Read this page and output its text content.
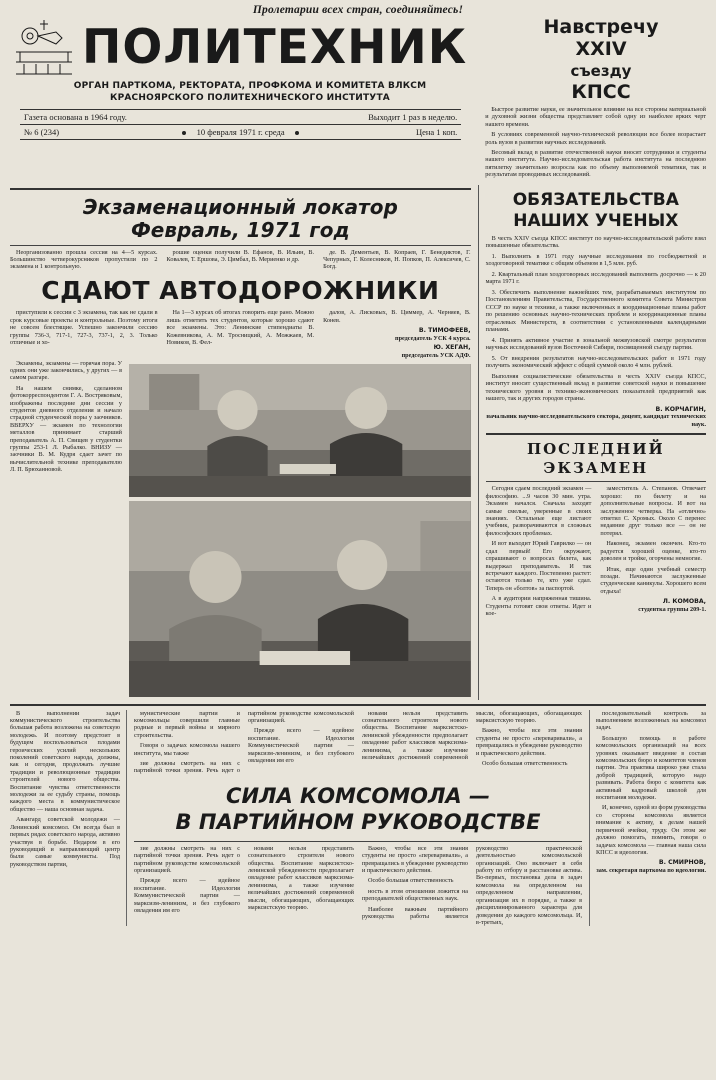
Пролетарии всех стран, соединяйтесь!
ПОЛИТЕХНИК
ОРГАН ПАРТКОМА, РЕКТОРАТА, ПРОФКОМА И КОМИТЕТА ВЛКСМ
КРАСНОЯРСКОГО ПОЛИТЕХНИЧЕСКОГО ИНСТИТУТА
Навстречу
XXIV
съезду
КПСС
Газета основана в 1964 году.	Выходит 1 раз в неделю.
№ 6 (234)	10 февраля 1971 г. среда	Цена 1 коп.

Быстрое развитие науки, ее значительное влияние на все стороны материальной и духовной жизни общества представляет собой одну из наиболее ярких черт нашего времени.

В условиях современной научно-технической революции все более возрастает роль вузов в развитии научных исследований.

Весомый вклад в развитие отечественной науки вносят сотрудники и студенты нашего института. Научно-исследовательская работа института на последнюю пятилетку значительно возросла как по объему выполняемой тематики, так и результатам проводимых исследований.

Экзаменационный локатор
Февраль, 1971 год

Неорганизованно прошла сессия на 4—5 курсах. Большинство четверокурсников пропустили по 2 экзамена и 1 контрольную.

рошие оценки получили В. Ефанов, В. Ильин, В. Ковалев, Т. Ершова, Э. Цимбал, В. Мериенко и др.

де. В. Дементьев, В. Копраев, Г. Бенедиктов, Г. Чепурных, Г. Колесников, Н. Попков, П. Алексичев, С. Богд.

СДАЮТ АВТОДОРОЖНИКИ

приступили к сессии с 3 экзамена, так как не сдали в срок курсовые проекты и контрольные. Поэтому итоги не совсем блестящие. Успешно закончили сессию группы 736-3, 717-1, 727-3, 737-1, 2, 3. Только отличные и хо-

На 1—3 курсах об итогах говорить еще рано. Можно лишь отметить тех студентов, которые хорошо сдают все экзамены. Это: Ленинские стипендиаты В. Кожевникова, А. М. Тросницкий, А. Можжаев, М. Новиков, В. Фел-

далов, А. Лисковых, В. Циммер, А. Черняев, В. Конев.

В. ТИМОФЕЕВ,
председатель УСК 4 курса.
Ю. ХЕГАН,
председатель УСК АДФ.

Экзамены, экзамены — горячая пора. У одних они уже закончились, у других — в самом разгаре.

На нашем снимке, сделанном фотокорреспондентом Г. А. Востряковым, изображены последние дни сессии у студентов дневного отделения и начало страдной студенческой поры у заочников. ВВЕРХУ — экзамен по технологии металлов принимает старший преподаватель А. П. Свищев у студентки группы 253-1 Л. Рыбалко. ВНИЗУ — заочники В. М. Кудря сдает зачет по вычислительной технике преподавателю Л. П. Брюханновой.

ОБЯЗАТЕЛЬСТВА
НАШИХ УЧЕНЫХ

В честь XXIV съезда КПСС институт по научно-исследовательской работе взял повышенные обязательства.

1. Выполнить в 1971 году научные исследования по госбюджетной и хоздоговорной тематике с общим объемом в 1,5 млн. руб.

2. Квартальный план хоздоговорных исследований выполнить досрочно — к 20 марта 1971 г.

3. Обеспечить выполнение важнейших тем, разрабатываемых институтом по Постановлениям Правительства, Государственного комитета Совета Министров СССР по науке и технике, а также включенных в координационные планы работ по решению основных научно-технических проблем и координационные планы отраслевых Министерств, в соответствии с установленными календарными планами.

4. Принять активное участие в зональной межвузовской смотре результатов научных исследований вузов Восточной Сибири, посвященной съезду партии.

5. От внедрения результатов научно-исследовательских работ в 1971 году получить экономический эффект с общей суммой около 4 млн. рублей.

Выполняя социалистические обязательства в честь XXIV съезда КПСС, институт вносит существенный вклад в развитие советской науки и повышение технического уровня и технико-экономических показателей предприятий как нашего, так и других городов страны.

В. КОРЧАГИН,
начальник научно-исследовательского сектора, доцент, кандидат технических наук.
ПОСЛЕДНИЙ
ЭКЗАМЕН

Сегодня сдаем последний экзамен — философию. ...9 часов 30 мин. утра. Экзамен начался. Сначала заходят самые смелые, уверенные в своих знаниях. Остальные еще листают учебник, разворачиваются в сложных философских проблемах.

И вот выходит Юрий Гаврилко — он сдал первый! Его окружают, спрашивают о вопросах билета, как выдержал преподаватель. И так встречают каждого. Постепенно растет: остаются только те, кто уже сдал. Теперь он «болтов» за паспортой.

А в аудитории напряженная тишина. Студенты готовят свои ответы. Идет и кое-

заместитель А. Степанов. Отвечает хорошо: по билету и на дополнительные вопросы. И вот на заслуженное четверка. На «отлично» ответил С. Хромых. Около С перенес недавние друг только все — он не потерял.

Наконец, экзамен окончен. Кто-то радуется хорошей оценке, кто-то доволен и тройке, огорчены немногие.

Итак, еще один учебный семестр позади. Начинаются заслуженные студенческие каникулы. Хорошего всем отдыха!

Л. КОМОВА,
студентка группы 209-1.

В выполнении задач коммунистического строительства большая работа возложена на советскую молодежь. И поэтому предстоит в будущем воспользоваться плодами героических усилий нескольких поколений советского народа, должны, как и сегодня, продолжать лучшие традиции и революционные традиции строителей нового общества. Воспитание чувства ответственности молодежи за ее судьбу страны, помощь каждого места в коммунистическое общество — наша основная задача.

Авангард советской молодежи — Ленинский комсомол. Он всегда был в первых рядах советского народа, активно участвуя в борьбе. Недаром в его руководящий и направляющий центр были самые коммунисты. Под руководством партии,

мунистические партии и комсомольцы совершили главные родные и первый войны и мирного строительства.

Говоря о задачах комсомола нашего института, мы также

зие должны смотреть на них с партийной точки зрения. Речь идет о партийном руководстве комсомольской организацией.

Прежде всего — идейное воспитание. Идеология Коммунистической партии — марксизм-ленинизм, и без глубокого овладения им его

новами нельзя представить сознательного строителя нового общества. Воспитание марксистско-ленинской убежденности предполагает овладение работ классиков марксизма-ленинизма, а также изучение величайших достижений современной мысли, обогащающих, обогащающих марксистскую теорию.

Важно, чтобы все эти знания студенты не просто «переваривали», а превращались в убеждение руководство и практического действия.

Особо большая ответственность

СИЛА КОМСОМОЛА —
В ПАРТИЙНОМ РУКОВОДСТВЕ

зие должны смотреть на них с партийной точки зрения. Речь идет о партийном руководстве комсомольской организацией.

Прежде всего — идейное воспитание. Идеология Коммунистической партии — марксизм-ленинизм, и без глубокого овладения им его

новами нельзя представить сознательного строителя нового общества. Воспитание марксистско-ленинской убежденности предполагает овладение работ классиков марксизма-ленинизма, а также изучение величайших достижений современной мысли, обогащающих, обогащающих марксистскую теорию.

Важно, чтобы все эти знания студенты не просто «переваривали», а превращались в убеждение руководство и практического действия.

Особо большая ответственность

ность в этом отношении ложится на преподавателей общественных наук.

Наиболее важным партийного руководства работы является руководство практической деятельностью комсомольской организаций. Оно включает в себя работу по отбору и расстановке актива. Во-первых, постановка дела в задач комсомола на определенном на определенном направлении, организация их в порядке, а также в дисциплинированного характера для доведения до каждого комсомольца. И, в-третьих,

последовательный контроль за выполнением возложенных на комсомол задач.

Большую помощь в работе комсомольских организаций на всех уровнях оказывает введение в состав комсомольских бюро и комитетов членов партии. Эта практика широко уже стала доброй традицией, которую надо развивать. Работа бюро с комитета как активный кадровый школой для воспитания молодежи.

И, конечно, одной из форм руководства со стороны комсомола является внимание к активу, к делам нашей первичной ячейки, труду. Он этом же должно помогать, помнить, говоря о задачах комсомола — главная наша сила КПСС и идеология.

В. СМИРНОВ,
зам. секретаря парткома по идеологии.
